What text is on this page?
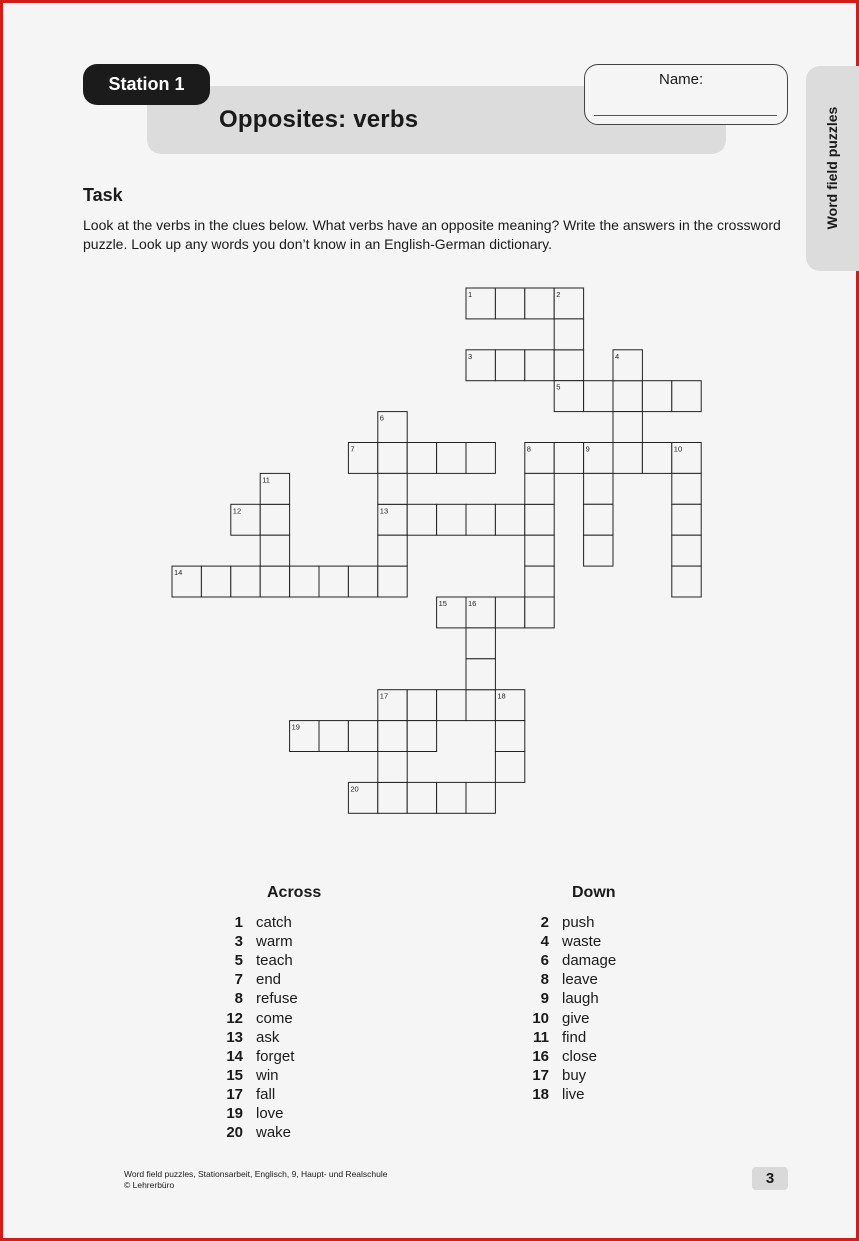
Station 1
Opposites: verbs
Name:
Word field puzzles
Task
Look at the verbs in the clues below. What verbs have an opposite meaning? Write the answers in the crossword puzzle. Look up any words you don’t know in an English-German dictionary.
1
3
5
7	8
12	13
14
15
17
19
20
2
4
6
9	10
11
16
18
Across	Down
1 catch
3 warm
5 teach
7 end
8 refuse
12 come
13 ask
14 forget
15 win
17 fall
19 love
20 wake
2 push
4 waste
6 damage
8 leave
9 laugh
10 give
11 find
16 close
17 buy
18 live
Word field puzzles, Stationsarbeit, Englisch, 9, Haupt- und Realschule
© Lehrerbüro	3
